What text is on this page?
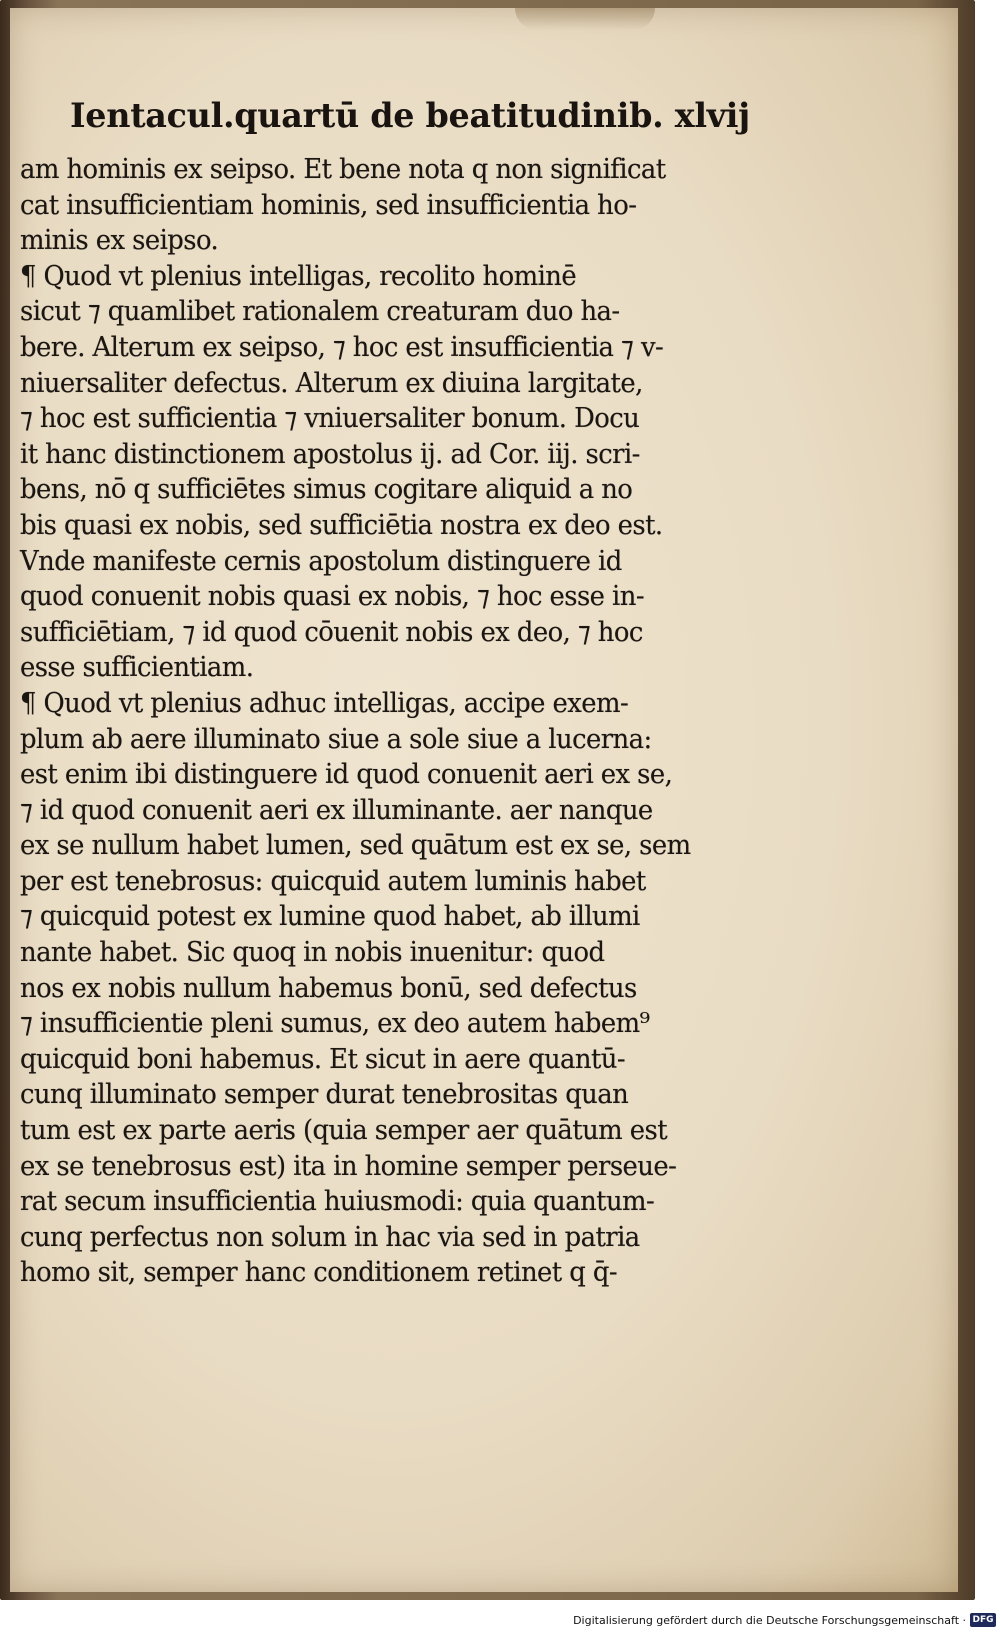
Ientacul.quartū de beatitudinib. xlvij
am hominis ex seipso. Et bene nota q non significat
cat insufficientiam hominis, sed insufficientia ho-
minis ex seipso.
¶ Quod vt plenius intelligas, recolito hominē
sicut ⁊ quamlibet rationalem creaturam duo ha-
bere. Alterum ex seipso, ⁊ hoc est insufficientia ⁊ v-
niuersaliter defectus. Alterum ex diuina largitate,
⁊ hoc est sufficientia ⁊ vniuersaliter bonum. Docu
it hanc distinctionem apostolus ij. ad Cor. iij. scri-
bens, nō q sufficiētes simus cogitare aliquid a no
bis quasi ex nobis, sed sufficiētia nostra ex deo est.
Vnde manifeste cernis apostolum distinguere id
quod conuenit nobis quasi ex nobis, ⁊ hoc esse in-
sufficiētiam, ⁊ id quod cōuenit nobis ex deo, ⁊ hoc
esse sufficientiam.
¶ Quod vt plenius adhuc intelligas, accipe exem-
plum ab aere illuminato siue a sole siue a lucerna:
est enim ibi distinguere id quod conuenit aeri ex se,
⁊ id quod conuenit aeri ex illuminante. aer nanque
ex se nullum habet lumen, sed quātum est ex se, sem
per est tenebrosus: quicquid autem luminis habet
⁊ quicquid potest ex lumine quod habet, ab illumi
nante habet. Sic quoq in nobis inuenitur: quod
nos ex nobis nullum habemus bonū, sed defectus
⁊ insufficientie pleni sumus, ex deo autem habem⁹
quicquid boni habemus. Et sicut in aere quantū-
cunq illuminato semper durat tenebrositas quan
tum est ex parte aeris (quia semper aer quātum est
ex se tenebrosus est) ita in homine semper perseue-
rat secum insufficientia huiusmodi: quia quantum-
cunq perfectus non solum in hac via sed in patria
homo sit, semper hanc conditionem retinet q q̄-
Digitalisierung gefördert durch die Deutsche Forschungsgemeinschaft · DFG
